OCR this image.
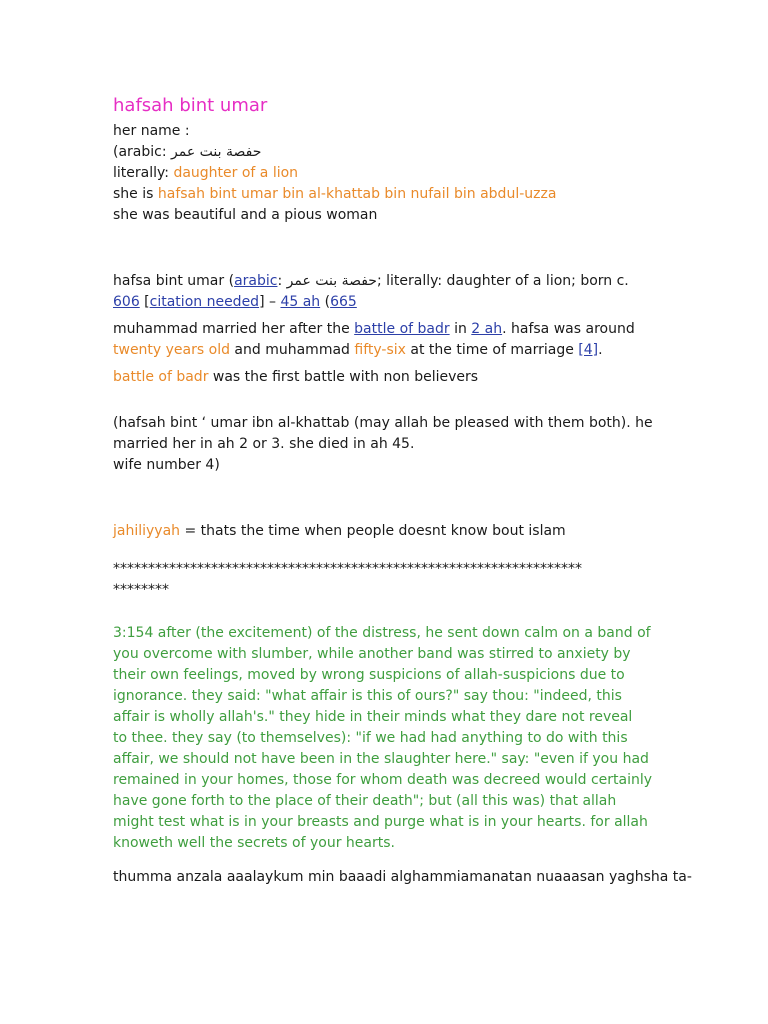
hafsah bint umar
her name :
(arabic: حفصة بنت عمر
literally: daughter of a lion
she is hafsah bint umar bin al-khattab bin nufail bin abdul-uzza
she was beautiful and a pious woman
hafsa bint umar (arabic: حفصة بنت عمر; literally: daughter of a lion; born c.
606 [citation needed] – 45 ah (665
muhammad married her after the battle of badr in 2 ah. hafsa was around
twenty years old and muhammad fifty-six at the time of marriage [4].
battle of badr was the first battle with non believers
(hafsah bint ‘ umar ibn al-khattab (may allah be pleased with them both). he
married her in ah 2 or 3. she died in ah 45.
wife number 4)
jahiliyyah = thats the time when people doesnt know bout islam
*******************************************************************
********
3:154 after (the excitement) of the distress, he sent down calm on a band of
you overcome with slumber, while another band was stirred to anxiety by
their own feelings, moved by wrong suspicions of allah-suspicions due to
ignorance. they said: "what affair is this of ours?" say thou: "indeed, this
affair is wholly allah's." they hide in their minds what they dare not reveal
to thee. they say (to themselves): "if we had had anything to do with this
affair, we should not have been in the slaughter here." say: "even if you had
remained in your homes, those for whom death was decreed would certainly
have gone forth to the place of their death"; but (all this was) that allah
might test what is in your breasts and purge what is in your hearts. for allah
knoweth well the secrets of your hearts.
thumma anzala aaalaykum min baaadi alghammiamanatan nuaaasan yaghsha ta-
